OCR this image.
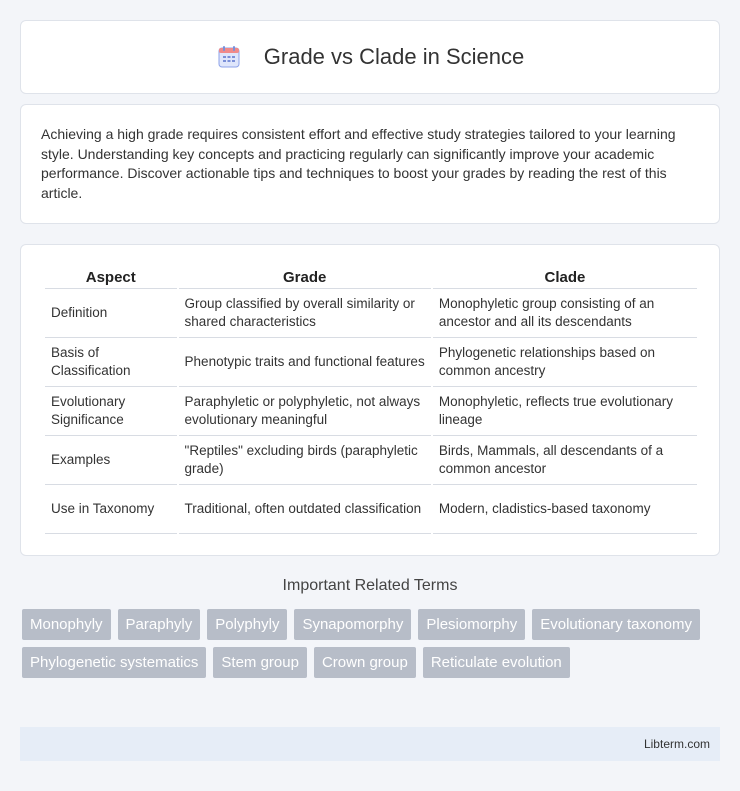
Grade vs Clade in Science

Achieving a high grade requires consistent effort and effective study strategies tailored to your learning style. Understanding key concepts and practicing regularly can significantly improve your academic performance. Discover actionable tips and techniques to boost your grades by reading the rest of this article.

Aspect	Grade	Clade
Definition	Group classified by overall similarity or shared characteristics	Monophyletic group consisting of an ancestor and all its descendants
Basis of Classification	Phenotypic traits and functional features	Phylogenetic relationships based on common ancestry
Evolutionary Significance	Paraphyletic or polyphyletic, not always evolutionary meaningful	Monophyletic, reflects true evolutionary lineage
Examples	"Reptiles" excluding birds (paraphyletic grade)	Birds, Mammals, all descendants of a common ancestor
Use in Taxonomy	Traditional, often outdated classification	Modern, cladistics-based taxonomy
Important Related Terms
Monophyly	Paraphyly	Polyphyly	Synapomorphy	Plesiomorphy	Evolutionary taxonomy
Phylogenetic systematics	Stem group	Crown group	Reticulate evolution
Libterm.com
